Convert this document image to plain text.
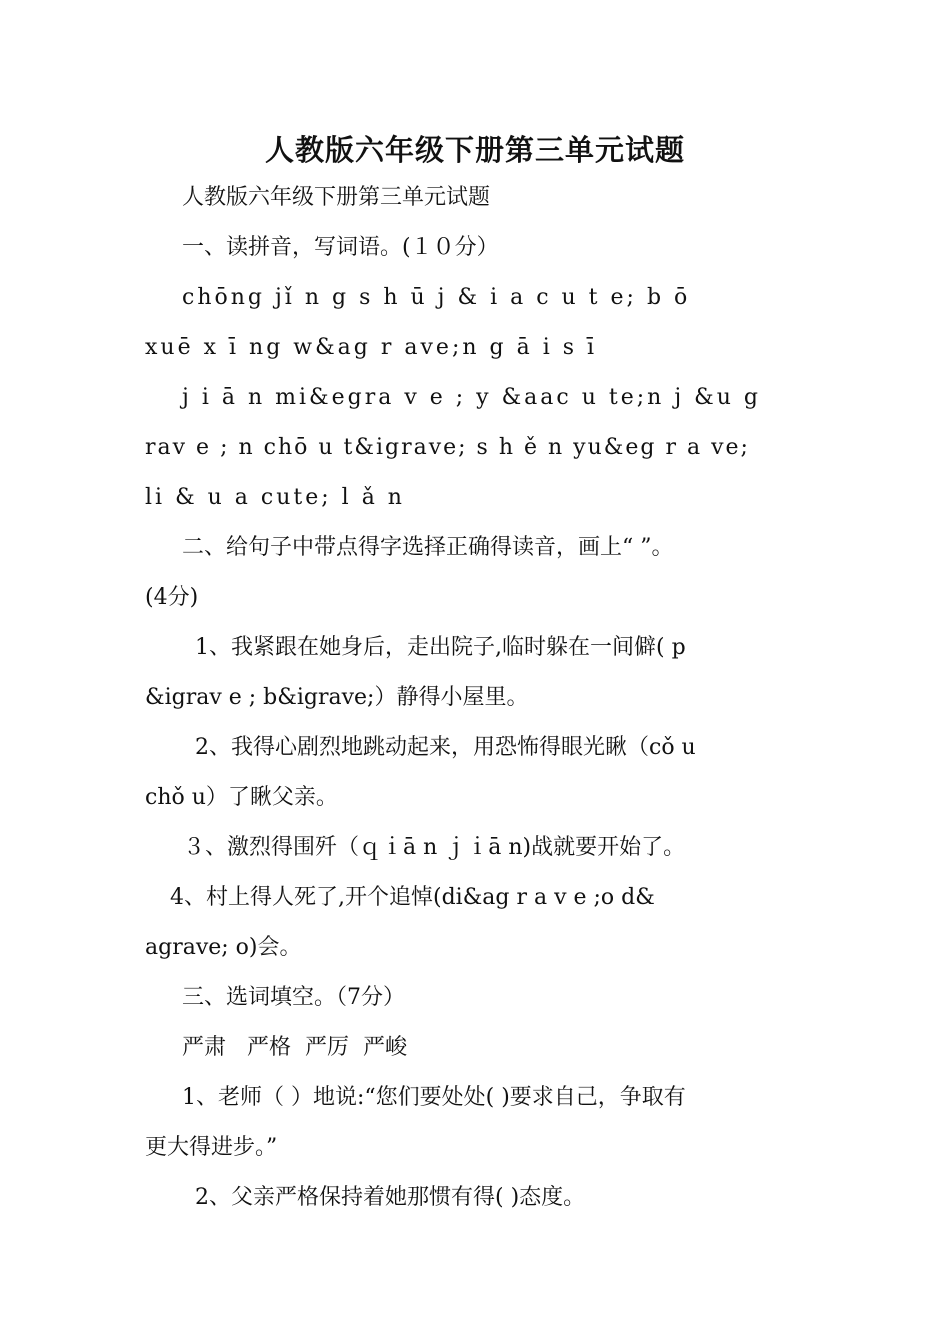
人教版六年级下册第三单元试题

人教版六年级下册第三单元试题

一、读拼音，写词语。(１０分）

chōng jǐ n g s h ū j & i a c u t e; b ō

xuē x ī ng w&ag r ave;n g ā i s ī

j i ā n mi&egra v e ; y &aac u te;n j &u g

rav e ; n chō u t&igrave; s h ě n yu&eg r a ve;

li & u a cute; l ǎ n

二、给句子中带点得字选择正确得读音，画上“ ”。

(4分)

1、我紧跟在她身后，走出院子,临时躲在一间僻( p

&igrav e ; b&igrave;）静得小屋里。

2、我得心剧烈地跳动起来，用恐怖得眼光瞅（cǒ u

chǒ u）了瞅父亲。

３、激烈得围歼（ｑｉā n ｊｉā n)战就要开始了。

4、村上得人死了,开个追悼(di&ag r a v e ;o d&

agrave; o)会。

三、选词填空。（7分）

严肃   严格  严厉  严峻

1、老师（ ）地说:“您们要处处( )要求自己，争取有

更大得进步。”

2、父亲严格保持着她那惯有得( )态度。
